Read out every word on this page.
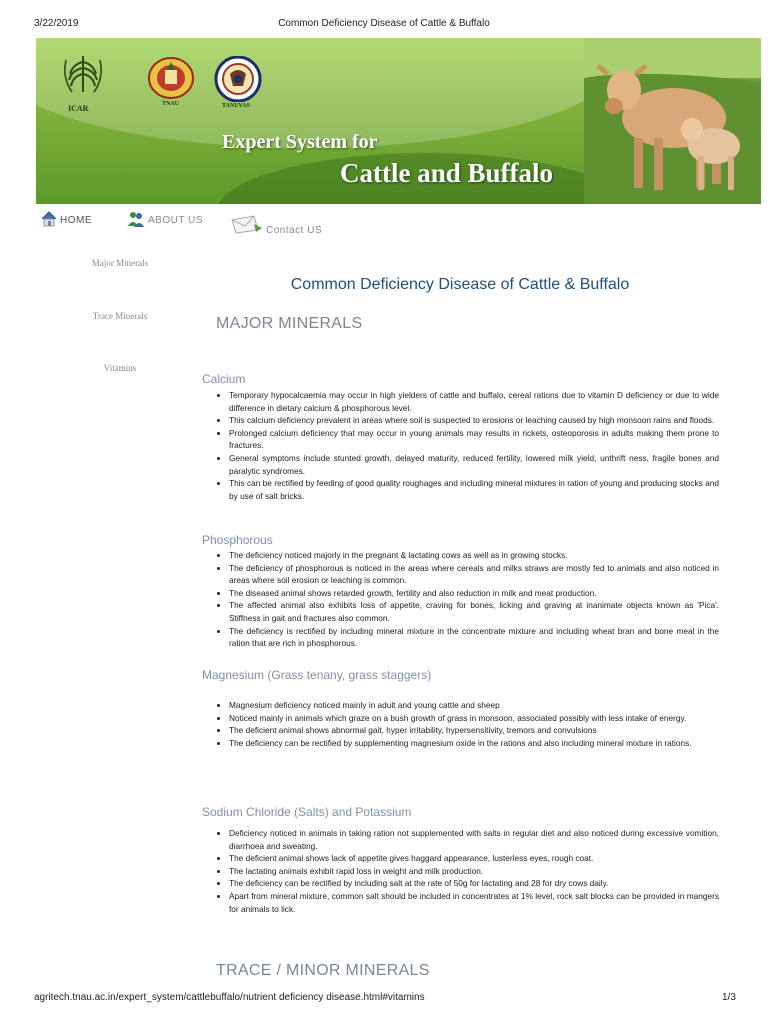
3/22/2019	Common Deficiency Disease of Cattle & Buffalo
ICAR	TNAU	TANUVAS
Expert System for
Cattle and Buffalo
HOME	ABOUT US
Contact US
Major Minerals
Trace Minerals
Vitamins
Common Deficiency Disease of Cattle & Buffalo
MAJOR MINERALS
Calcium
• Temporary hypocalcaemia may occur in high yielders of cattle and buffalo, cereal rations due to vitamin D deficiency or due to wide difference in dietary calcium & phosphorous level.
• This calcium deficiency prevalent in areas where soil is suspected to erosions or leaching caused by high monsoon rains and floods.
• Prolonged calcium deficiency that may occur in young animals may results in rickets, osteoporosis in adults making them prone to fractures.
• General symptoms include stunted growth, delayed maturity, reduced fertility, lowered milk yield, unthrift ness, fragile bones and paralytic syndromes.
• This can be rectified by feeding of good quality roughages and including mineral mixtures in ration of young and producing stocks and by use of salt bricks.
Phosphorous
• The deficiency noticed majorly in the pregnant & lactating cows as well as in growing stocks.
• The deficiency of phosphorous is noticed in the areas where cereals and milks straws are mostly fed to animals and also noticed in areas where soil erosion or leaching is common.
• The diseased animal shows retarded growth, fertility and also reduction in milk and meat production.
• The affected animal also exhibits loss of appetite, craving for bones, licking and graving at inanimate objects known as 'Pica'. Stiffness in gait and fractures also common.
• The deficiency is rectified by including mineral mixture in the concentrate mixture and including wheat bran and bone meal in the ration that are rich in phosphorous.
Magnesium (Grass tenany, grass staggers)
• Magnesium deficiency noticed mainly in adult and young cattle and sheep
• Noticed mainly in animals which graze on a bush growth of grass in monsoon, associated possibly with less intake of energy.
• The deficient animal shows abnormal gait, hyper irritability, hypersensitivity, tremors and convulsions
• The deficiency can be rectified by supplementing magnesium oxide in the rations and also including mineral mixture in rations.
Sodium Chloride (Salts) and Potassium
• Deficiency noticed in animals in taking ration not supplemented with salts in regular diet and also noticed during excessive vomition, diarrhoea and sweating.
• The deficient animal shows lack of appetite gives haggard appearance, lusterless eyes, rough coat.
• The lactating animals exhibit rapid loss in weight and milk production.
• The deficiency can be rectified by including salt at the rate of 50g for lactating and 28 for dry cows daily.
• Apart from mineral mixture, common salt should be included in concentrates at 1% level, rock salt blocks can be provided in mangers for animals to lick.
TRACE / MINOR MINERALS
agritech.tnau.ac.in/expert_system/cattlebuffalo/nutrient deficiency disease.html#vitamins	1/3
